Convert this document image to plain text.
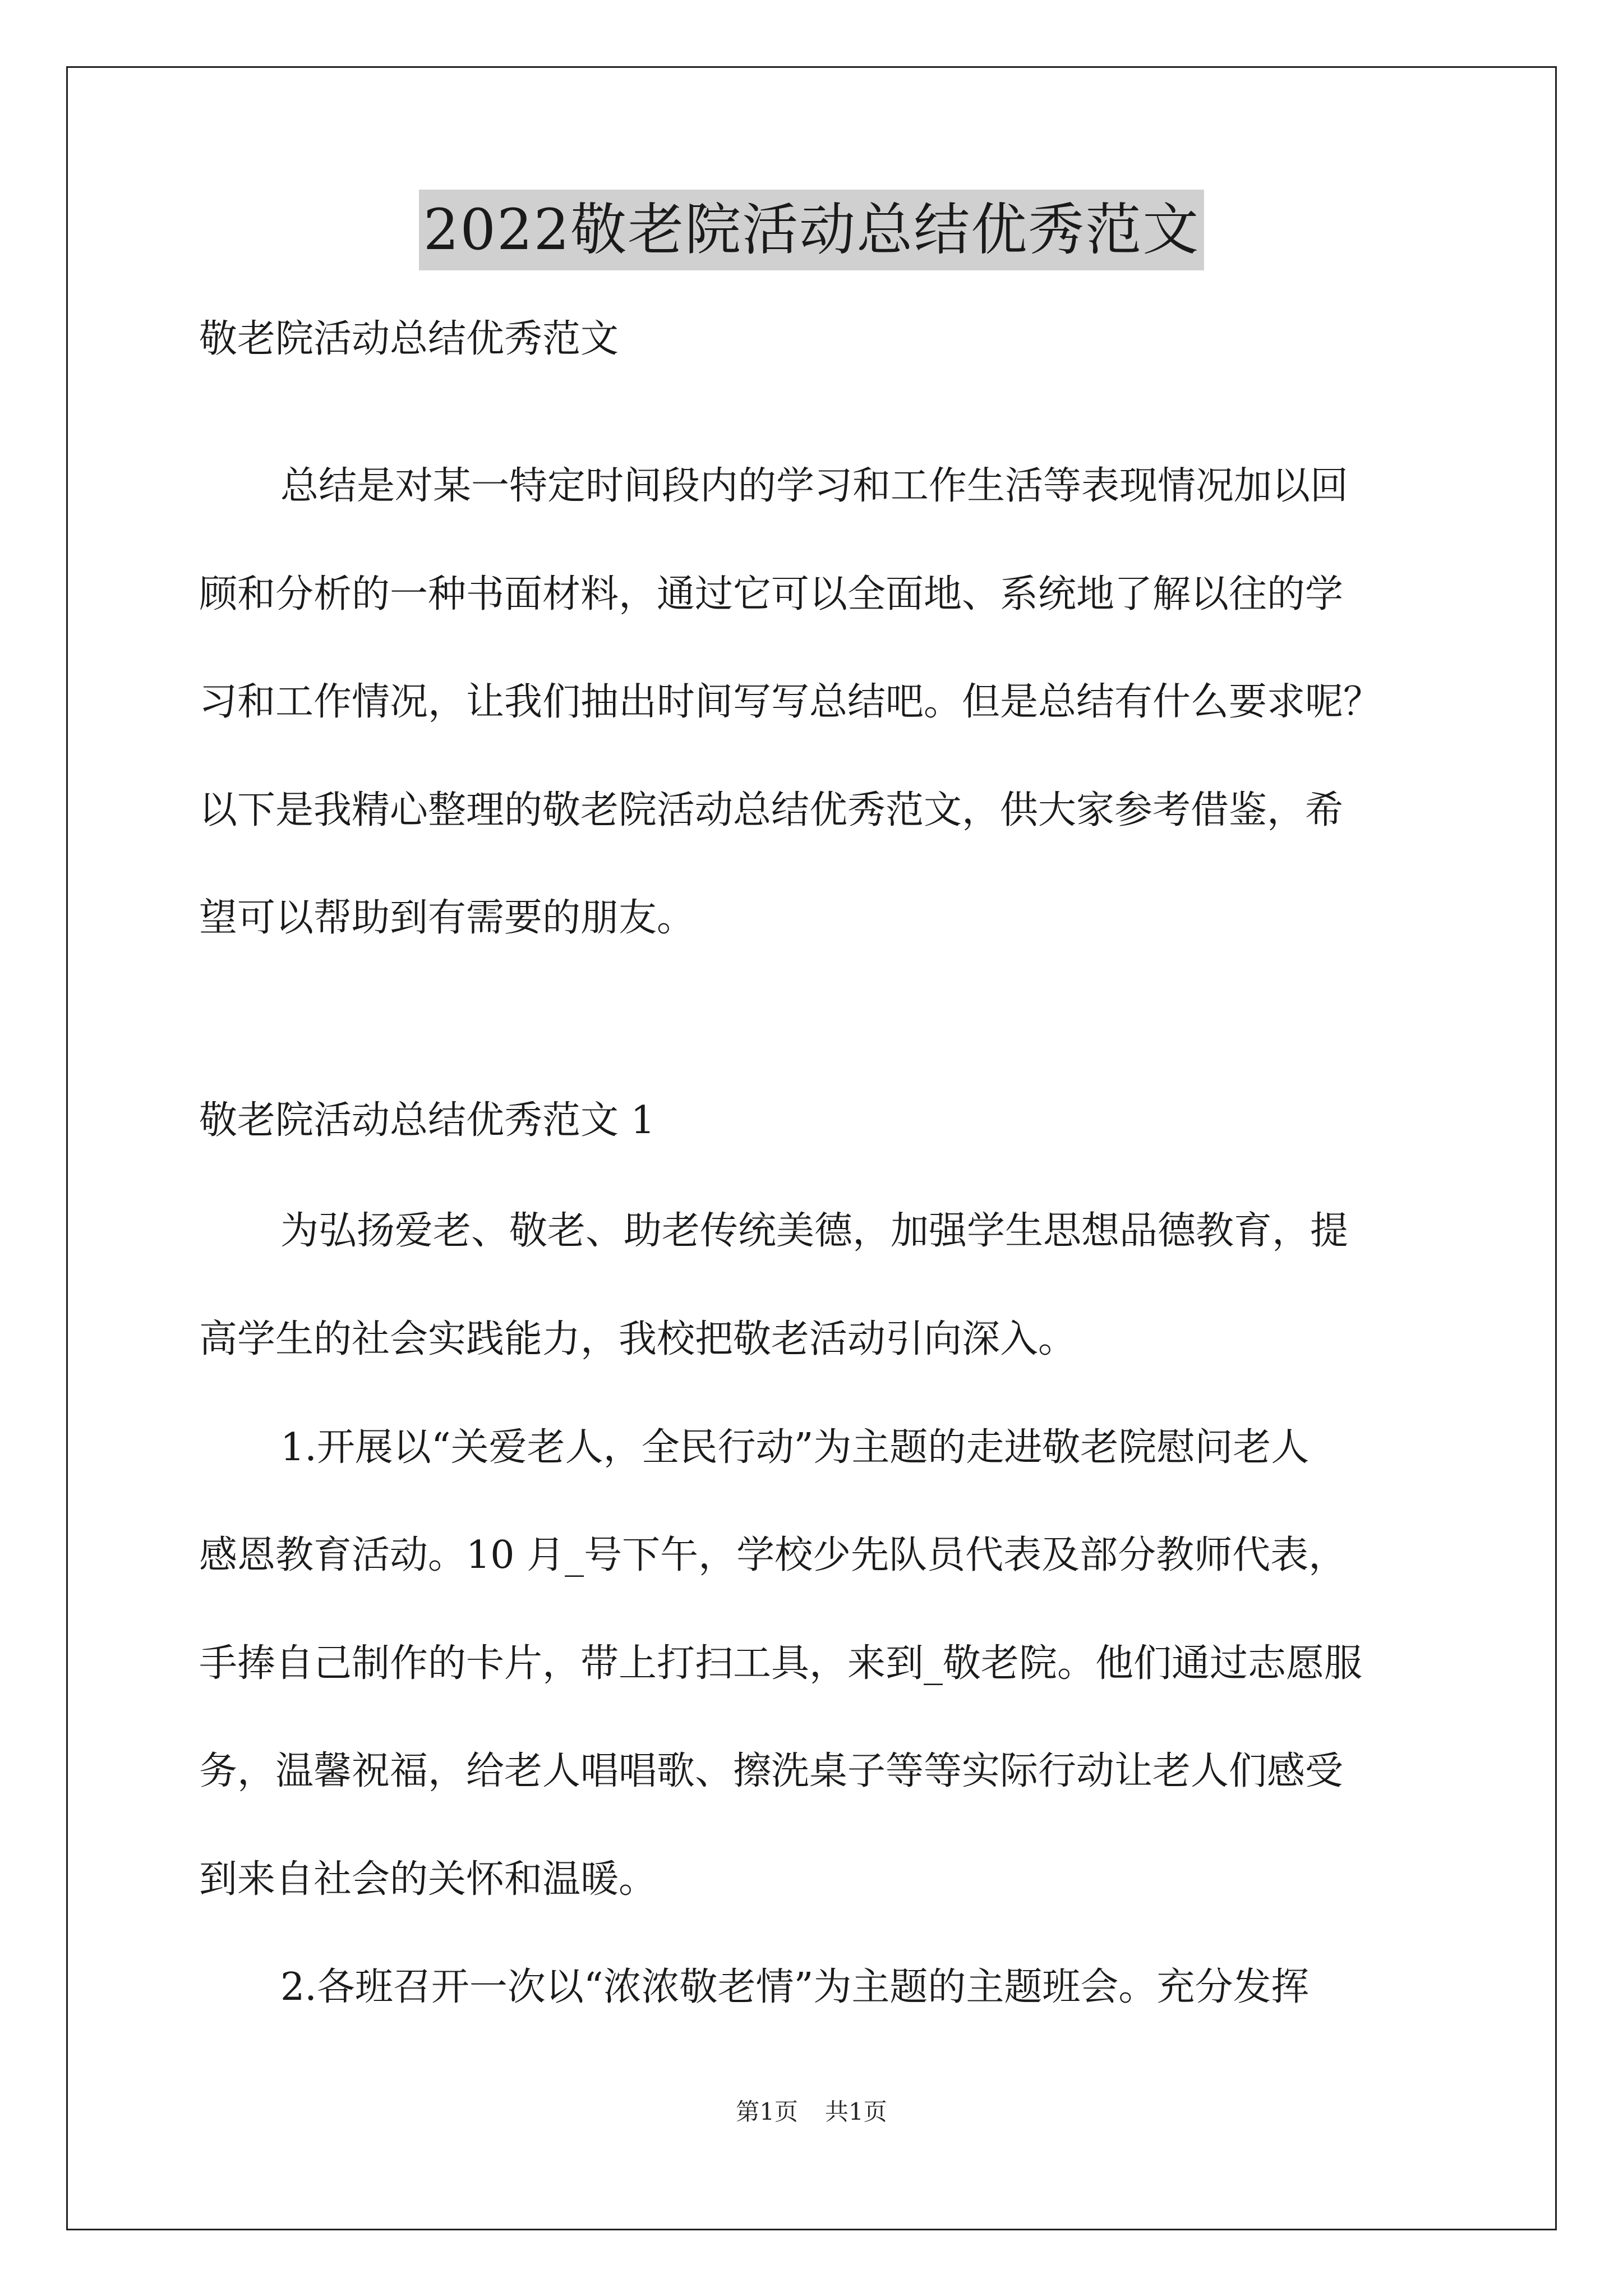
2022敬老院活动总结优秀范文

敬老院活动总结优秀范文

总结是对某一特定时间段内的学习和工作生活等表现情况加以回

顾和分析的一种书面材料，通过它可以全面地、系统地了解以往的学

习和工作情况，让我们抽出时间写写总结吧。但是总结有什么要求呢？

以下是我精心整理的敬老院活动总结优秀范文，供大家参考借鉴，希

望可以帮助到有需要的朋友。

敬老院活动总结优秀范文 1

为弘扬爱老、敬老、助老传统美德，加强学生思想品德教育，提

高学生的社会实践能力，我校把敬老活动引向深入。

1.开展以“关爱老人，全民行动”为主题的走进敬老院慰问老人

感恩教育活动。10 月_号下午，学校少先队员代表及部分教师代表，

手捧自己制作的卡片，带上打扫工具，来到_敬老院。他们通过志愿服

务，温馨祝福，给老人唱唱歌、擦洗桌子等等实际行动让老人们感受

到来自社会的关怀和温暖。

2.各班召开一次以“浓浓敬老情”为主题的主题班会。充分发挥

第1页 共1页
